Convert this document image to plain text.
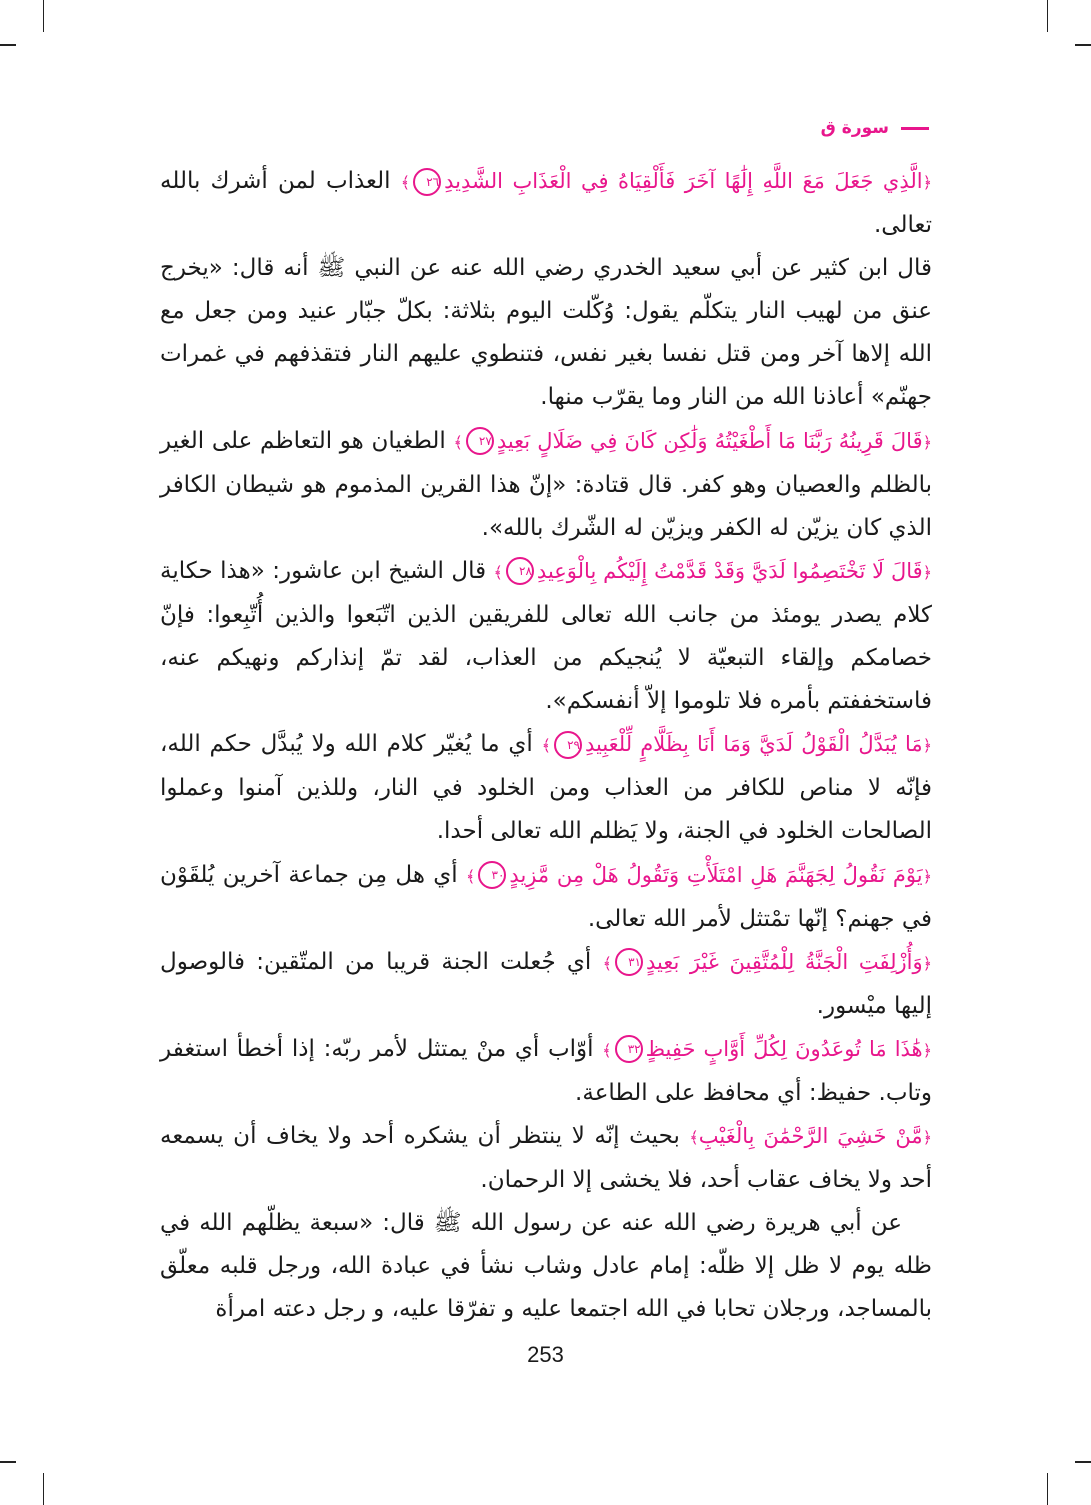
سورة ق

﴿الَّذِي جَعَلَ مَعَ اللَّهِ إِلَٰهًا آخَرَ فَأَلْقِيَاهُ فِي الْعَذَابِ الشَّدِيدِ٢٦﴾ العذاب لمن أشرك بالله تعالى.

قال ابن كثير عن أبي سعيد الخدري رضي الله عنه عن النبي ﷺ أنه قال: «يخرج عنق من لهيب النار يتكلّم يقول: وُكّلت اليوم بثلاثة: بكلّ جبّار عنيد ومن جعل مع الله إلاها آخر ومن قتل نفسا بغير نفس، فتنطوي عليهم النار فتقذفهم في غمرات جهنّم» أعاذنا الله من النار وما يقرّب منها.

﴿قَالَ قَرِينُهُ رَبَّنَا مَا أَطْغَيْتُهُ وَلَٰكِن كَانَ فِي ضَلَالٍ بَعِيدٍ٢٧﴾ الطغيان هو التعاظم على الغير بالظلم والعصيان وهو كفر. قال قتادة: «إنّ هذا القرين المذموم هو شيطان الكافر الذي كان يزيّن له الكفر ويزيّن له الشّرك بالله».

﴿قَالَ لَا تَخْتَصِمُوا لَدَيَّ وَقَدْ قَدَّمْتُ إِلَيْكُم بِالْوَعِيدِ٢٨﴾ قال الشيخ ابن عاشور: «هذا حكاية كلام يصدر يومئذ من جانب الله تعالى للفريقين الذين اتّبَعوا والذين أُتّبِعوا: فإنّ خصامكم وإلقاء التبعيّة لا يُنجيكم من العذاب، لقد تمّ إنذاركم ونهيكم عنه، فاستخففتم بأمره فلا تلوموا إلاّ أنفسكم».

﴿مَا يُبَدَّلُ الْقَوْلُ لَدَيَّ وَمَا أَنَا بِظَلَّامٍ لِّلْعَبِيدِ٢٩﴾ أي ما يُغيّر كلام الله ولا يُبدَّل حكم الله، فإنّه لا مناص للكافر من العذاب ومن الخلود في النار، وللذين آمنوا وعملوا الصالحات الخلود في الجنة، ولا يَظلم الله تعالى أحدا.

﴿يَوْمَ نَقُولُ لِجَهَنَّمَ هَلِ امْتَلَأْتِ وَتَقُولُ هَلْ مِن مَّزِيدٍ٣٠﴾ أي هل مِن جماعة آخرين يُلقَوْن في جهنم؟ إنّها تمْتثل لأمر الله تعالى.

﴿وَأُزْلِفَتِ الْجَنَّةُ لِلْمُتَّقِينَ غَيْرَ بَعِيدٍ٣١﴾ أي جُعلت الجنة قريبا من المتّقين: فالوصول إليها ميْسور.

﴿هَٰذَا مَا تُوعَدُونَ لِكُلِّ أَوَّابٍ حَفِيظٍ٣٢﴾ أوّاب أي منْ يمتثل لأمر ربّه: إذا أخطأ استغفر وتاب. حفيظ: أي محافظ على الطاعة.

﴿مَّنْ خَشِيَ الرَّحْمَٰنَ بِالْغَيْبِ﴾ بحيث إنّه لا ينتظر أن يشكره أحد ولا يخاف أن يسمعه أحد ولا يخاف عقاب أحد، فلا يخشى إلا الرحمان.

عن أبي هريرة رضي الله عنه عن رسول الله ﷺ قال: «سبعة يظلّهم الله في ظله يوم لا ظل إلا ظلّه: إمام عادل وشاب نشأ في عبادة الله، ورجل قلبه معلّق بالمساجد، ورجلان تحابا في الله اجتمعا عليه و تفرّقا عليه، و رجل دعته امرأة

253
